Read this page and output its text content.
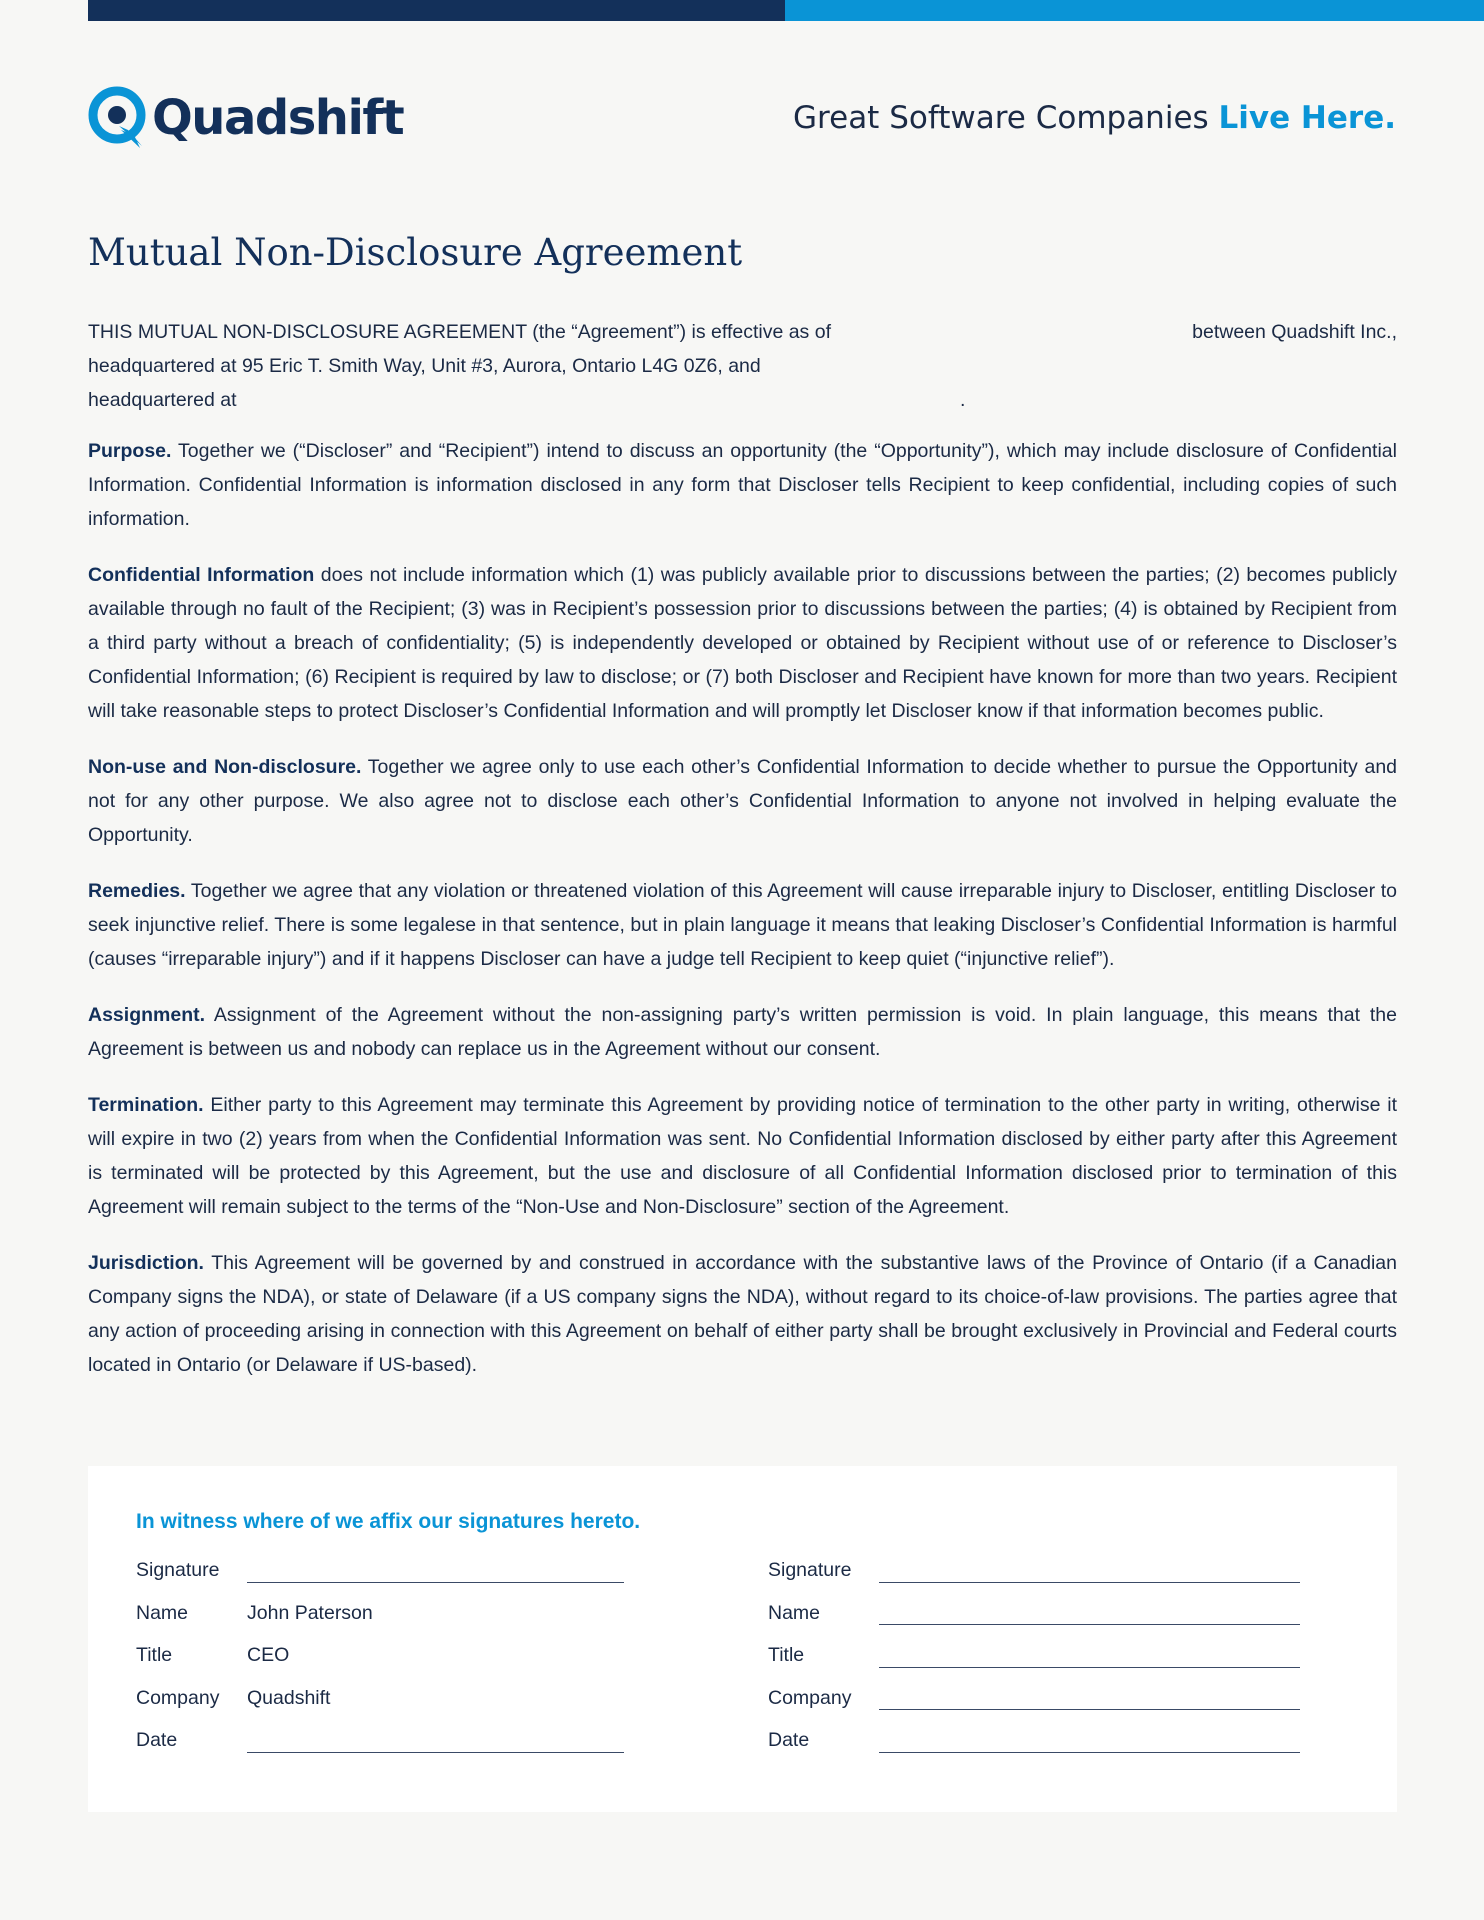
Quadshift	Great Software Companies Live Here.
Mutual Non-Disclosure Agreement
THIS MUTUAL NON-DISCLOSURE AGREEMENT (the “Agreement”) is effective as of	between Quadshift Inc.,
headquartered at 95 Eric T. Smith Way, Unit #3, Aurora, Ontario L4G 0Z6, and
headquartered at	.

Purpose. Together we (“Discloser” and “Recipient”) intend to discuss an opportunity (the “Opportunity”), which may include disclosure of Confidential Information. Confidential Information is information disclosed in any form that Discloser tells Recipient to keep confidential, including copies of such information.

Confidential Information does not include information which (1) was publicly available prior to discussions between the parties; (2) becomes publicly available through no fault of the Recipient; (3) was in Recipient’s possession prior to discussions between the parties; (4) is obtained by Recipient from a third party without a breach of confidentiality; (5) is independently developed or obtained by Recipient without use of or reference to Discloser’s Confidential Information; (6) Recipient is required by law to disclose; or (7) both Discloser and Recipient have known for more than two years. Recipient will take reasonable steps to protect Discloser’s Confidential Information and will promptly let Discloser know if that information becomes public.

Non-use and Non-disclosure. Together we agree only to use each other’s Confidential Information to decide whether to pursue the Opportunity and not for any other purpose. We also agree not to disclose each other’s Confidential Information to anyone not involved in helping evaluate the Opportunity.

Remedies. Together we agree that any violation or threatened violation of this Agreement will cause irreparable injury to Discloser, entitling Discloser to seek injunctive relief. There is some legalese in that sentence, but in plain language it means that leaking Discloser’s Confidential Information is harmful (causes “irreparable injury”) and if it happens Discloser can have a judge tell Recipient to keep quiet (“injunctive relief”).

Assignment. Assignment of the Agreement without the non-assigning party’s written permission is void. In plain language, this means that the Agreement is between us and nobody can replace us in the Agreement without our consent.

Termination. Either party to this Agreement may terminate this Agreement by providing notice of termination to the other party in writing, otherwise it will expire in two (2) years from when the Confidential Information was sent. No Confidential Information disclosed by either party after this Agreement is terminated will be protected by this Agreement, but the use and disclosure of all Confidential Information disclosed prior to termination of this Agreement will remain subject to the terms of the “Non-Use and Non-Disclosure” section of the Agreement.

Jurisdiction. This Agreement will be governed by and construed in accordance with the substantive laws of the Province of Ontario (if a Canadian Company signs the NDA), or state of Delaware (if a US company signs the NDA), without regard to its choice-of-law provisions. The parties agree that any action of proceeding arising in connection with this Agreement on behalf of either party shall be brought exclusively in Provincial and Federal courts located in Ontario (or Delaware if US-based).

In witness where of we affix our signatures hereto.
Signature
Name	John Paterson
Title	CEO
Company Quadshift
Date
Signature
Name
Title
Company
Date
